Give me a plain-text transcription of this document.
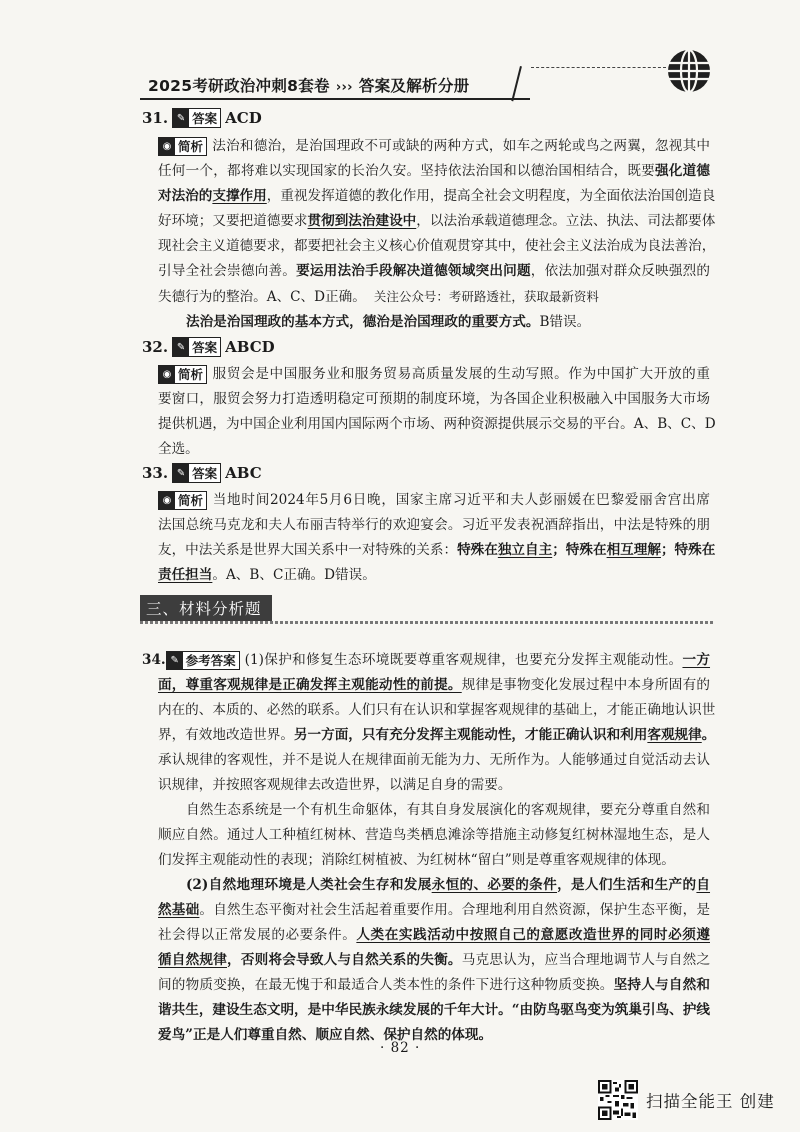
2025考研政治冲刺8套卷 ››› 答案及解析分册
31. ✎ 答案 ACD
◉ 简析 法治和德治，是治国理政不可或缺的两种方式，如车之两轮或鸟之两翼，忽视其中
任何一个，都将难以实现国家的长治久安。坚持依法治国和以德治国相结合，既要强化道德
对法治的支撑作用，重视发挥道德的教化作用，提高全社会文明程度，为全面依法治国创造良
好环境；又要把道德要求贯彻到法治建设中，以法治承载道德理念。立法、执法、司法都要体
现社会主义道德要求，都要把社会主义核心价值观贯穿其中，使社会主义法治成为良法善治，
引导全社会崇德向善。要运用法治手段解决道德领域突出问题，依法加强对群众反映强烈的
失德行为的整治。A、C、D正确。 关注公众号：考研路透社，获取最新资料
法治是治国理政的基本方式，德治是治国理政的重要方式。B错误。
32. ✎ 答案 ABCD
◉ 简析 服贸会是中国服务业和服务贸易高质量发展的生动写照。作为中国扩大开放的重
要窗口，服贸会努力打造透明稳定可预期的制度环境，为各国企业积极融入中国服务大市场
提供机遇，为中国企业利用国内国际两个市场、两种资源提供展示交易的平台。A、B、C、D
全选。
33. ✎ 答案 ABC
◉ 简析 当地时间2024年5月6日晚，国家主席习近平和夫人彭丽媛在巴黎爱丽舍宫出席
法国总统马克龙和夫人布丽吉特举行的欢迎宴会。习近平发表祝酒辞指出，中法是特殊的朋
友，中法关系是世界大国关系中一对特殊的关系：特殊在独立自主；特殊在相互理解；特殊在
责任担当。A、B、C正确。D错误。
三、材料分析题
34. ✎ 参考答案 (1)保护和修复生态环境既要尊重客观规律，也要充分发挥主观能动性。一方
面，尊重客观规律是正确发挥主观能动性的前提。规律是事物变化发展过程中本身所固有的
内在的、本质的、必然的联系。人们只有在认识和掌握客观规律的基础上，才能正确地认识世
界，有效地改造世界。另一方面，只有充分发挥主观能动性，才能正确认识和利用客观规律。
承认规律的客观性，并不是说人在规律面前无能为力、无所作为。人能够通过自觉活动去认
识规律，并按照客观规律去改造世界，以满足自身的需要。
自然生态系统是一个有机生命躯体，有其自身发展演化的客观规律，要充分尊重自然和
顺应自然。通过人工种植红树林、营造鸟类栖息滩涂等措施主动修复红树林湿地生态，是人
们发挥主观能动性的表现；消除红树植被、为红树林“留白”则是尊重客观规律的体现。
(2)自然地理环境是人类社会生存和发展永恒的、必要的条件，是人们生活和生产的自
然基础。自然生态平衡对社会生活起着重要作用。合理地利用自然资源，保护生态平衡，是
社会得以正常发展的必要条件。人类在实践活动中按照自己的意愿改造世界的同时必须遵
循自然规律，否则将会导致人与自然关系的失衡。马克思认为，应当合理地调节人与自然之
间的物质变换，在最无愧于和最适合人类本性的条件下进行这种物质变换。坚持人与自然和
谐共生，建设生态文明，是中华民族永续发展的千年大计。“由防鸟驱鸟变为筑巢引鸟、护线
爱鸟”正是人们尊重自然、顺应自然、保护自然的体现。
· 82 ·
扫描全能王 创建
